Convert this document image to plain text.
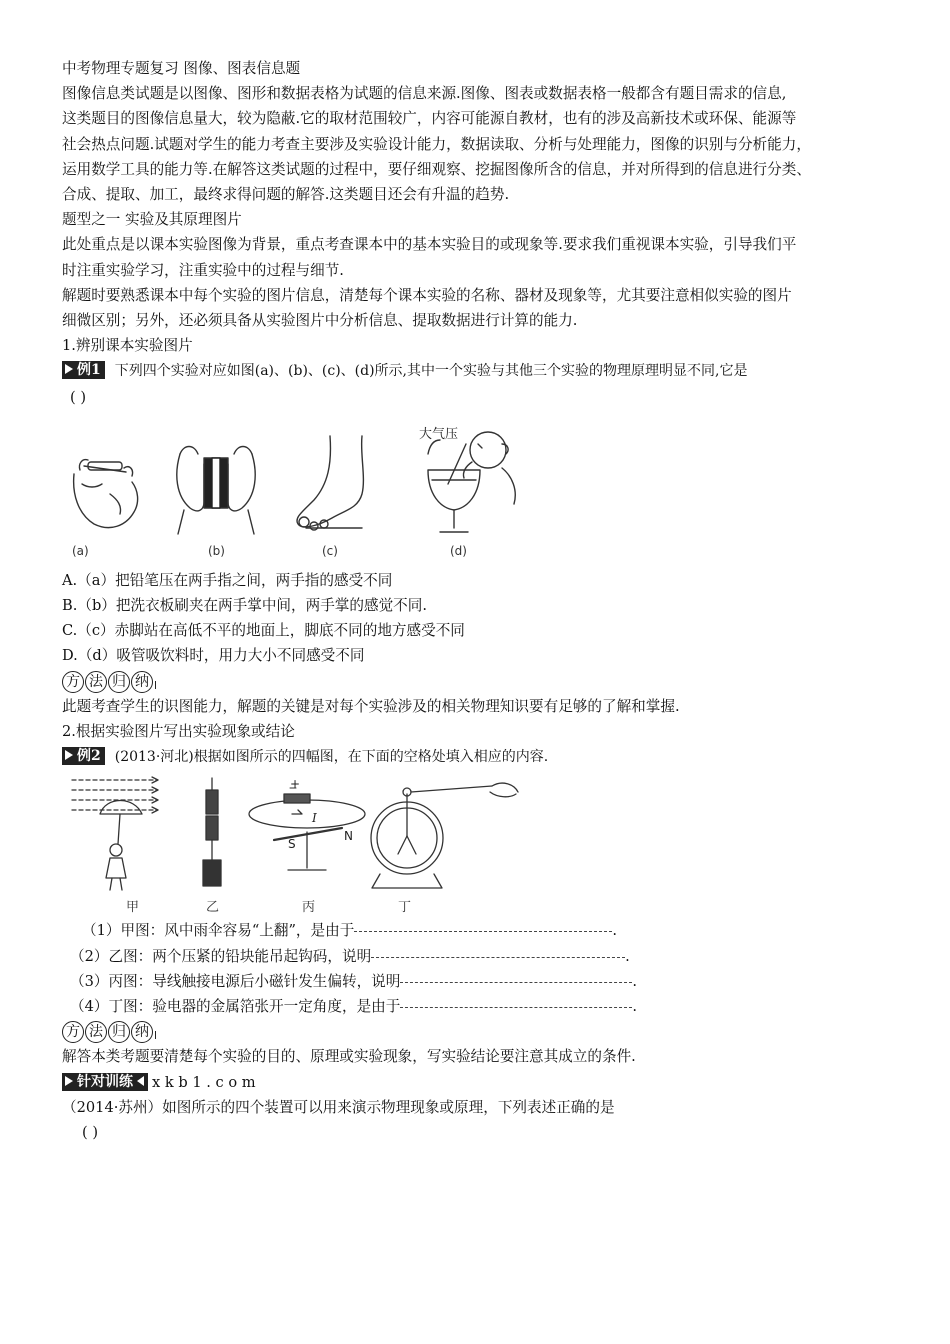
中考物理专题复习 图像、图表信息题
图像信息类试题是以图像、图形和数据表格为试题的信息来源.图像、图表或数据表格一般都含有题目需求的信息,
这类题目的图像信息量大，较为隐蔽.它的取材范围较广，内容可能源自教材，也有的涉及高新技术或环保、能源等
社会热点问题.试题对学生的能力考查主要涉及实验设计能力，数据读取、分析与处理能力，图像的识别与分析能力，
运用数学工具的能力等.在解答这类试题的过程中，要仔细观察、挖掘图像所含的信息，并对所得到的信息进行分类、
合成、提取、加工，最终求得问题的解答.这类题目还会有升温的趋势.
题型之一 实验及其原理图片
此处重点是以课本实验图像为背景，重点考查课本中的基本实验目的或现象等.要求我们重视课本实验，引导我们平
时注重实验学习，注重实验中的过程与细节.
解题时要熟悉课本中每个实验的图片信息，清楚每个课本实验的名称、器材及现象等，尤其要注意相似实验的图片
细微区别；另外，还必须具备从实验图片中分析信息、提取数据进行计算的能力.
1.辨别课本实验图片
例1 下列四个实验对应如图(a)、(b)、(c)、(d)所示,其中一个实验与其他三个实验的物理原理明显不同,它是
( )
大气压
(a)	(b)	(c)	(d)
A.（a）把铅笔压在两手指之间，两手指的感受不同
B.（b）把洗衣板刷夹在两手掌中间，两手掌的感觉不同.
C.（c）赤脚站在高低不平的地面上，脚底不同的地方感受不同
D.（d）吸管吸饮料时，用力大小不同感受不同
方 法 归 纳
此题考查学生的识图能力，解题的关键是对每个实验涉及的相关物理知识要有足够的了解和掌握.
2.根据实验图片写出实验现象或结论
例2 (2013·河北)根据如图所示的四幅图，在下面的空格处填入相应的内容.
S
N
I
+
甲	乙	丙	丁
（1）甲图：风中雨伞容易“上翻”，是由于	.
（2）乙图：两个压紧的铅块能吊起钩码，说明	.
（3）丙图：导线触接电源后小磁针发生偏转，说明	.
（4）丁图：验电器的金属箔张开一定角度，是由于	.
方 法 归 纳
解答本类考题要清楚每个实验的目的、原理或实验现象，写实验结论要注意其成立的条件.
针对训练 x k b 1 . c o m
（2014·苏州）如图所示的四个装置可以用来演示物理现象或原理，下列表述正确的是
( )
